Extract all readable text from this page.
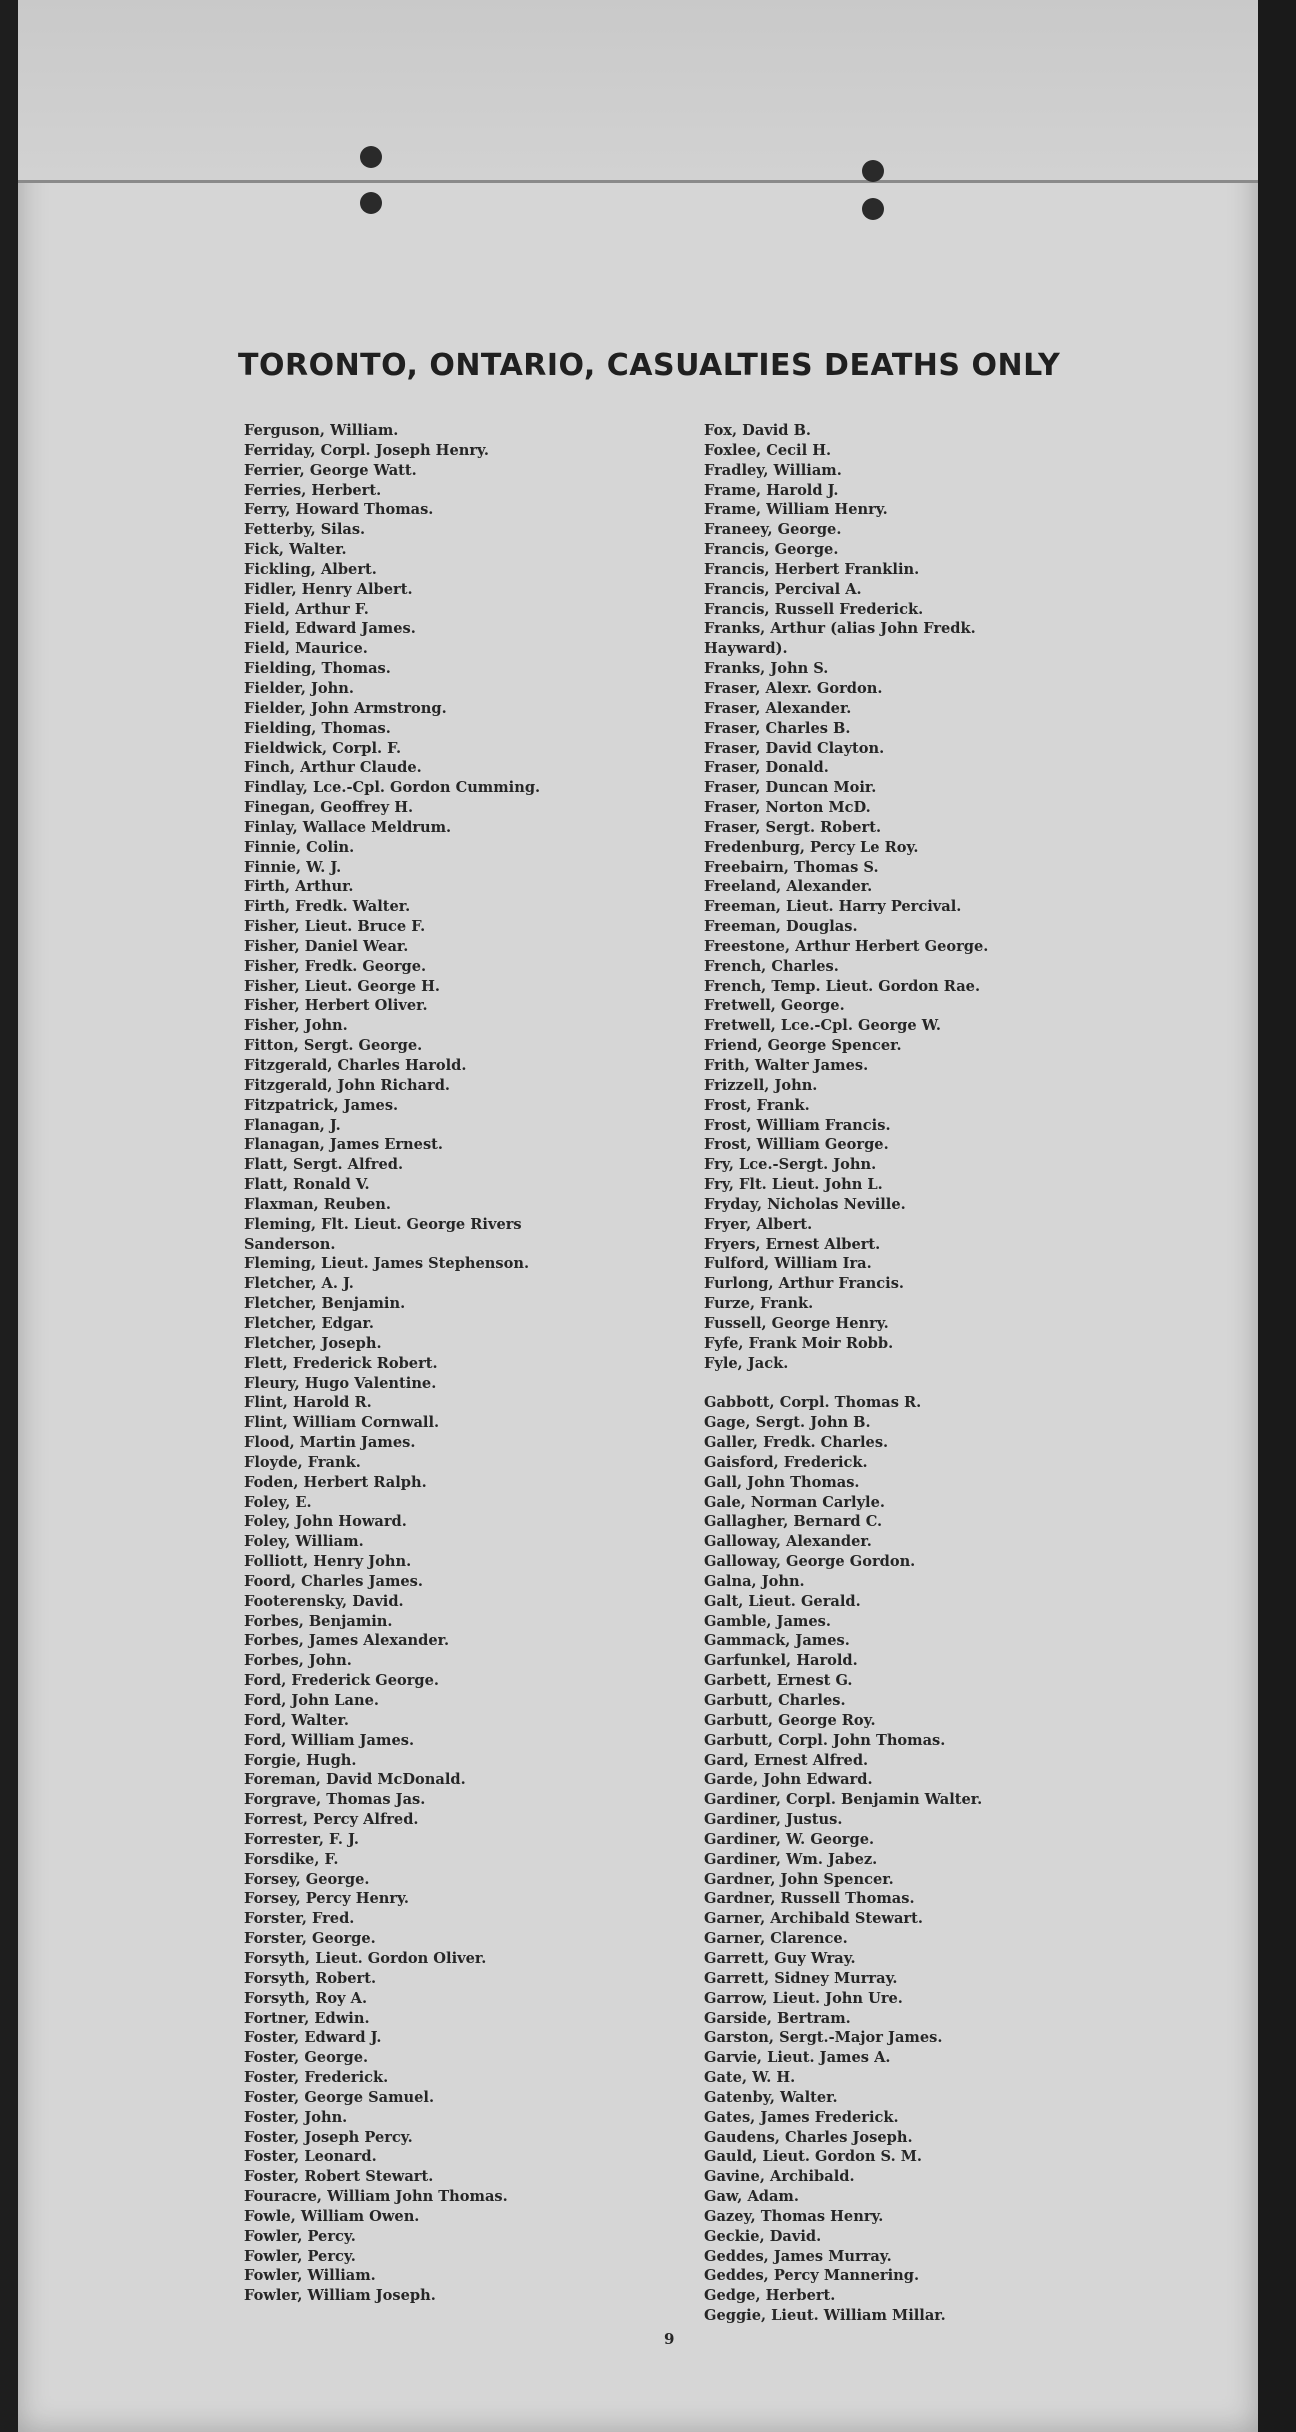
TORONTO, ONTARIO, CASUALTIES DEATHS ONLY
Ferguson, William.
Ferriday, Corpl. Joseph Henry.
Ferrier, George Watt.
Ferries, Herbert.
Ferry, Howard Thomas.
Fetterby, Silas.
Fick, Walter.
Fickling, Albert.
Fidler, Henry Albert.
Field, Arthur F.
Field, Edward James.
Field, Maurice.
Fielding, Thomas.
Fielder, John.
Fielder, John Armstrong.
Fielding, Thomas.
Fieldwick, Corpl. F.
Finch, Arthur Claude.
Findlay, Lce.-Cpl. Gordon Cumming.
Finegan, Geoffrey H.
Finlay, Wallace Meldrum.
Finnie, Colin.
Finnie, W. J.
Firth, Arthur.
Firth, Fredk. Walter.
Fisher, Lieut. Bruce F.
Fisher, Daniel Wear.
Fisher, Fredk. George.
Fisher, Lieut. George H.
Fisher, Herbert Oliver.
Fisher, John.
Fitton, Sergt. George.
Fitzgerald, Charles Harold.
Fitzgerald, John Richard.
Fitzpatrick, James.
Flanagan, J.
Flanagan, James Ernest.
Flatt, Sergt. Alfred.
Flatt, Ronald V.
Flaxman, Reuben.
Fleming, Flt. Lieut. George Rivers
Sanderson.
Fleming, Lieut. James Stephenson.
Fletcher, A. J.
Fletcher, Benjamin.
Fletcher, Edgar.
Fletcher, Joseph.
Flett, Frederick Robert.
Fleury, Hugo Valentine.
Flint, Harold R.
Flint, William Cornwall.
Flood, Martin James.
Floyde, Frank.
Foden, Herbert Ralph.
Foley, E.
Foley, John Howard.
Foley, William.
Folliott, Henry John.
Foord, Charles James.
Footerensky, David.
Forbes, Benjamin.
Forbes, James Alexander.
Forbes, John.
Ford, Frederick George.
Ford, John Lane.
Ford, Walter.
Ford, William James.
Forgie, Hugh.
Foreman, David McDonald.
Forgrave, Thomas Jas.
Forrest, Percy Alfred.
Forrester, F. J.
Forsdike, F.
Forsey, George.
Forsey, Percy Henry.
Forster, Fred.
Forster, George.
Forsyth, Lieut. Gordon Oliver.
Forsyth, Robert.
Forsyth, Roy A.
Fortner, Edwin.
Foster, Edward J.
Foster, George.
Foster, Frederick.
Foster, George Samuel.
Foster, John.
Foster, Joseph Percy.
Foster, Leonard.
Foster, Robert Stewart.
Fouracre, William John Thomas.
Fowle, William Owen.
Fowler, Percy.
Fowler, Percy.
Fowler, William.
Fowler, William Joseph.
Fox, David B.
Foxlee, Cecil H.
Fradley, William.
Frame, Harold J.
Frame, William Henry.
Franeey, George.
Francis, George.
Francis, Herbert Franklin.
Francis, Percival A.
Francis, Russell Frederick.
Franks, Arthur (alias John Fredk.
Hayward).
Franks, John S.
Fraser, Alexr. Gordon.
Fraser, Alexander.
Fraser, Charles B.
Fraser, David Clayton.
Fraser, Donald.
Fraser, Duncan Moir.
Fraser, Norton McD.
Fraser, Sergt. Robert.
Fredenburg, Percy Le Roy.
Freebairn, Thomas S.
Freeland, Alexander.
Freeman, Lieut. Harry Percival.
Freeman, Douglas.
Freestone, Arthur Herbert George.
French, Charles.
French, Temp. Lieut. Gordon Rae.
Fretwell, George.
Fretwell, Lce.-Cpl. George W.
Friend, George Spencer.
Frith, Walter James.
Frizzell, John.
Frost, Frank.
Frost, William Francis.
Frost, William George.
Fry, Lce.-Sergt. John.
Fry, Flt. Lieut. John L.
Fryday, Nicholas Neville.
Fryer, Albert.
Fryers, Ernest Albert.
Fulford, William Ira.
Furlong, Arthur Francis.
Furze, Frank.
Fussell, George Henry.
Fyfe, Frank Moir Robb.
Fyle, Jack.
Gabbott, Corpl. Thomas R.
Gage, Sergt. John B.
Galler, Fredk. Charles.
Gaisford, Frederick.
Gall, John Thomas.
Gale, Norman Carlyle.
Gallagher, Bernard C.
Galloway, Alexander.
Galloway, George Gordon.
Galna, John.
Galt, Lieut. Gerald.
Gamble, James.
Gammack, James.
Garfunkel, Harold.
Garbett, Ernest G.
Garbutt, Charles.
Garbutt, George Roy.
Garbutt, Corpl. John Thomas.
Gard, Ernest Alfred.
Garde, John Edward.
Gardiner, Corpl. Benjamin Walter.
Gardiner, Justus.
Gardiner, W. George.
Gardiner, Wm. Jabez.
Gardner, John Spencer.
Gardner, Russell Thomas.
Garner, Archibald Stewart.
Garner, Clarence.
Garrett, Guy Wray.
Garrett, Sidney Murray.
Garrow, Lieut. John Ure.
Garside, Bertram.
Garston, Sergt.-Major James.
Garvie, Lieut. James A.
Gate, W. H.
Gatenby, Walter.
Gates, James Frederick.
Gaudens, Charles Joseph.
Gauld, Lieut. Gordon S. M.
Gavine, Archibald.
Gaw, Adam.
Gazey, Thomas Henry.
Geckie, David.
Geddes, James Murray.
Geddes, Percy Mannering.
Gedge, Herbert.
Geggie, Lieut. William Millar.
9
